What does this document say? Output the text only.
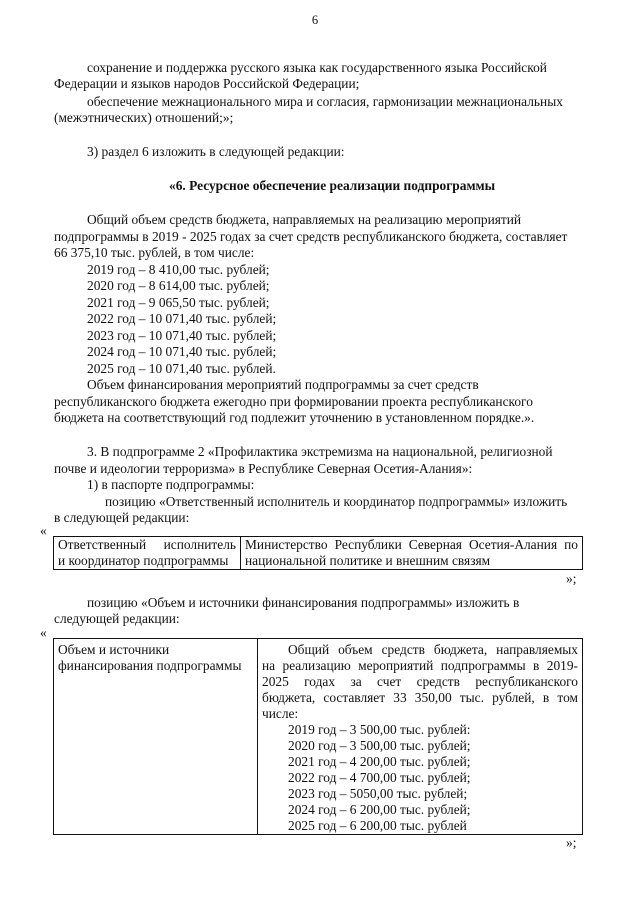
6
сохранение и поддержка русского языка как государственного языка Российской
Федерации и языков народов Российской Федерации;
обеспечение межнационального мира и согласия, гармонизации межнациональных
(межэтнических) отношений;»;
3) раздел 6 изложить в следующей редакции:
«6. Ресурсное обеспечение реализации подпрограммы
Общий объем средств бюджета, направляемых на реализацию мероприятий
подпрограммы в 2019 - 2025 годах за счет средств республиканского бюджета, составляет
66 375,10 тыс. рублей, в том числе:
2019 год – 8 410,00 тыс. рублей;
2020 год – 8 614,00 тыс. рублей;
2021 год – 9 065,50 тыс. рублей;
2022 год – 10 071,40 тыс. рублей;
2023 год – 10 071,40 тыс. рублей;
2024 год – 10 071,40 тыс. рублей;
2025 год – 10 071,40 тыс. рублей.
Объем финансирования мероприятий подпрограммы за счет средств
республиканского бюджета ежегодно при формировании проекта республиканского
бюджета на соответствующий год подлежит уточнению в установленном порядке.».
3. В подпрограмме 2 «Профилактика экстремизма на национальной, религиозной
почве и идеологии терроризма» в Республике Северная Осетия-Алания»:
1) в паспорте подпрограммы:
позицию «Ответственный исполнитель и координатор подпрограммы» изложить
в следующей редакции:
«
Ответственный исполнитель
и координатор подпрограммы

Министерство Республики Северная Осетия-Алания по
национальной политике и внешним связям
»;
позицию «Объем и источники финансирования подпрограммы» изложить в
следующей редакции:
«
Объем и источники
финансирования подпрограммы

Общий объем средств бюджета, направляемых
на реализацию мероприятий подпрограммы в 2019-
2025 годах за счет средств республиканского
бюджета, составляет 33 350,00 тыс. рублей, в том
числе:
2019 год – 3 500,00 тыс. рублей:
2020 год – 3 500,00 тыс. рублей;
2021 год – 4 200,00 тыс. рублей;
2022 год – 4 700,00 тыс. рублей;
2023 год – 5050,00 тыс. рублей;
2024 год – 6 200,00 тыс. рублей;
2025 год – 6 200,00 тыс. рублей
»;
